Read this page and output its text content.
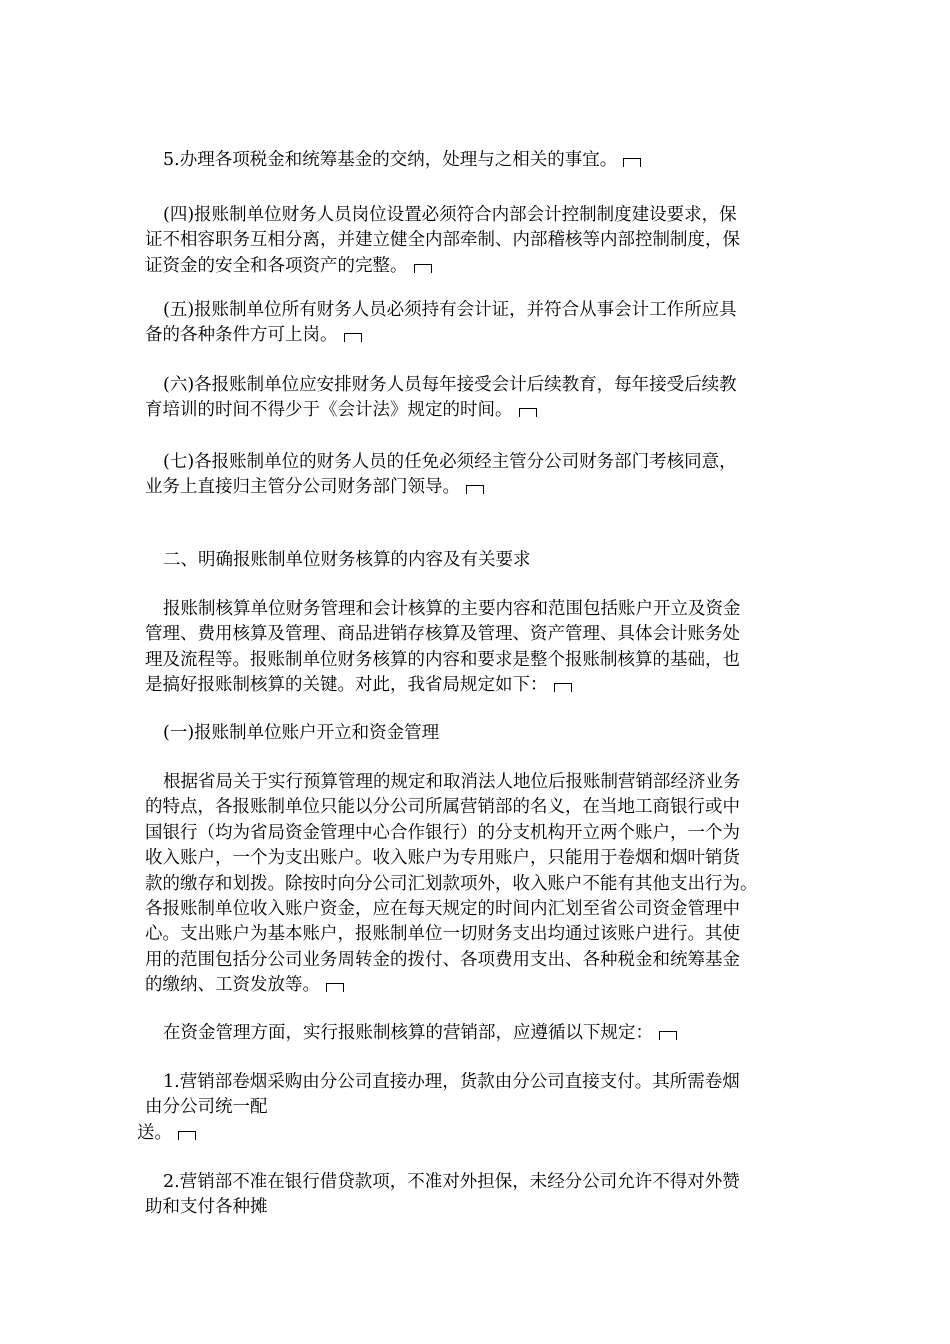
5.办理各项税金和统筹基金的交纳，处理与之相关的事宜。

(四)报账制单位财务人员岗位设置必须符合内部会计控制制度建设要求，保
证不相容职务互相分离，并建立健全内部牵制、内部稽核等内部控制制度，保
证资金的安全和各项资产的完整。

(五)报账制单位所有财务人员必须持有会计证，并符合从事会计工作所应具
备的各种条件方可上岗。

(六)各报账制单位应安排财务人员每年接受会计后续教育，每年接受后续教
育培训的时间不得少于《会计法》规定的时间。

(七)各报账制单位的财务人员的任免必须经主管分公司财务部门考核同意，
业务上直接归主管分公司财务部门领导。

二、明确报账制单位财务核算的内容及有关要求

报账制核算单位财务管理和会计核算的主要内容和范围包括账户开立及资金
管理、费用核算及管理、商品进销存核算及管理、资产管理、具体会计账务处
理及流程等。报账制单位财务核算的内容和要求是整个报账制核算的基础，也
是搞好报账制核算的关键。对此，我省局规定如下：

(一)报账制单位账户开立和资金管理

根据省局关于实行预算管理的规定和取消法人地位后报账制营销部经济业务
的特点，各报账制单位只能以分公司所属营销部的名义，在当地工商银行或中
国银行（均为省局资金管理中心合作银行）的分支机构开立两个账户，一个为
收入账户，一个为支出账户。收入账户为专用账户，只能用于卷烟和烟叶销货
款的缴存和划拨。除按时向分公司汇划款项外，收入账户不能有其他支出行为。
各报账制单位收入账户资金，应在每天规定的时间内汇划至省公司资金管理中
心。支出账户为基本账户，报账制单位一切财务支出均通过该账户进行。其使
用的范围包括分公司业务周转金的拨付、各项费用支出、各种税金和统筹基金
的缴纳、工资发放等。

在资金管理方面，实行报账制核算的营销部，应遵循以下规定：

1.营销部卷烟采购由分公司直接办理，货款由分公司直接支付。其所需卷烟
由分公司统一配
送。

2.营销部不准在银行借贷款项，不准对外担保，未经分公司允许不得对外赞
助和支付各种摊
